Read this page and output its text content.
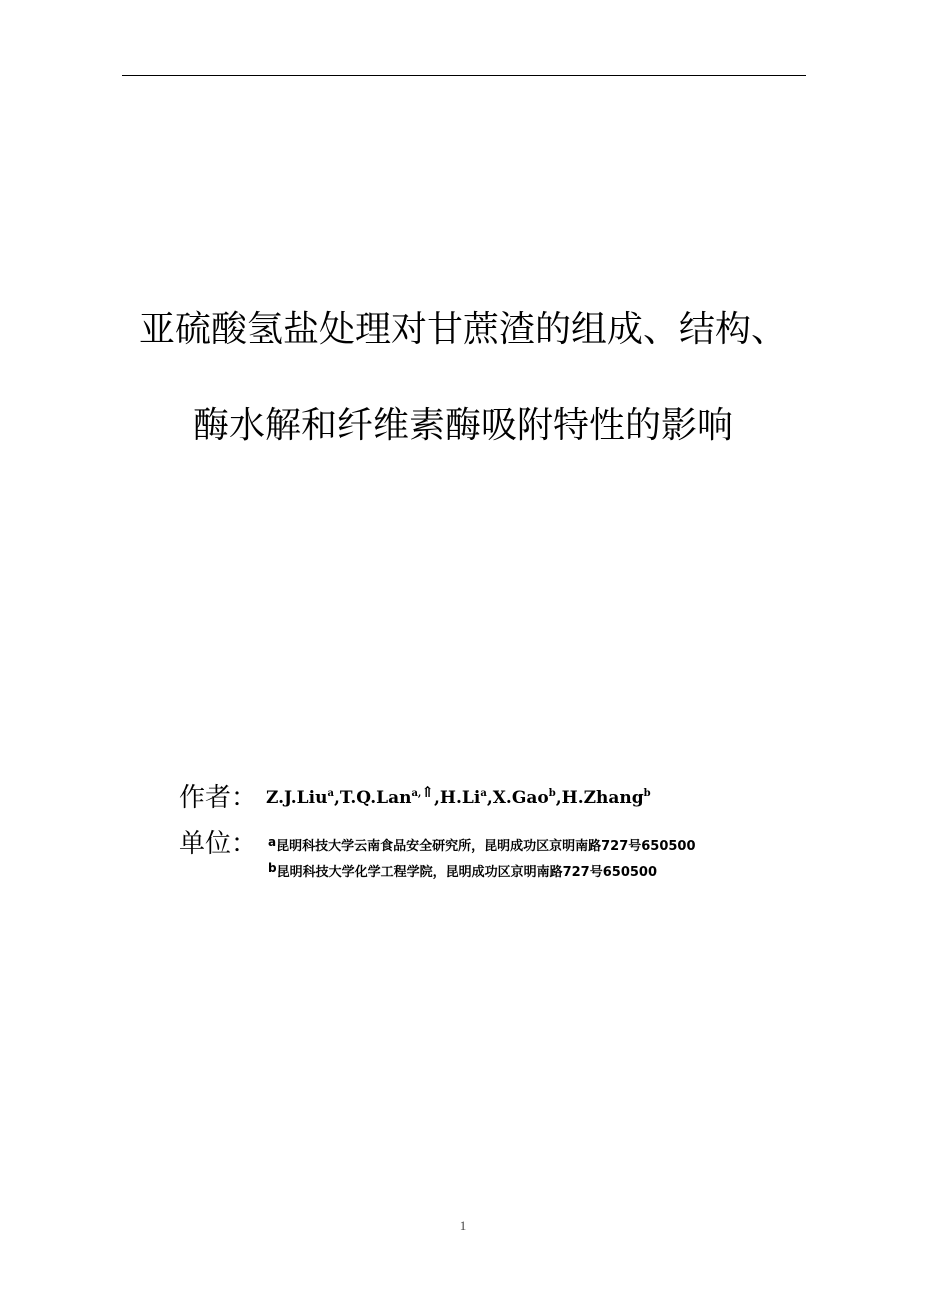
亚硫酸氢盐处理对甘蔗渣的组成、结构、
酶水解和纤维素酶吸附特性的影响
作者： Z.J.Liu$^a$,T.Q.Lan$^{a,}$⇑,H.Li$^a$,X.Gao$^b$,H.Zhang$^b$
单位： a昆明科技大学云南食品安全研究所，昆明成功区京明南路727号650500
b昆明科技大学化学工程学院，昆明成功区京明南路727号650500
1
